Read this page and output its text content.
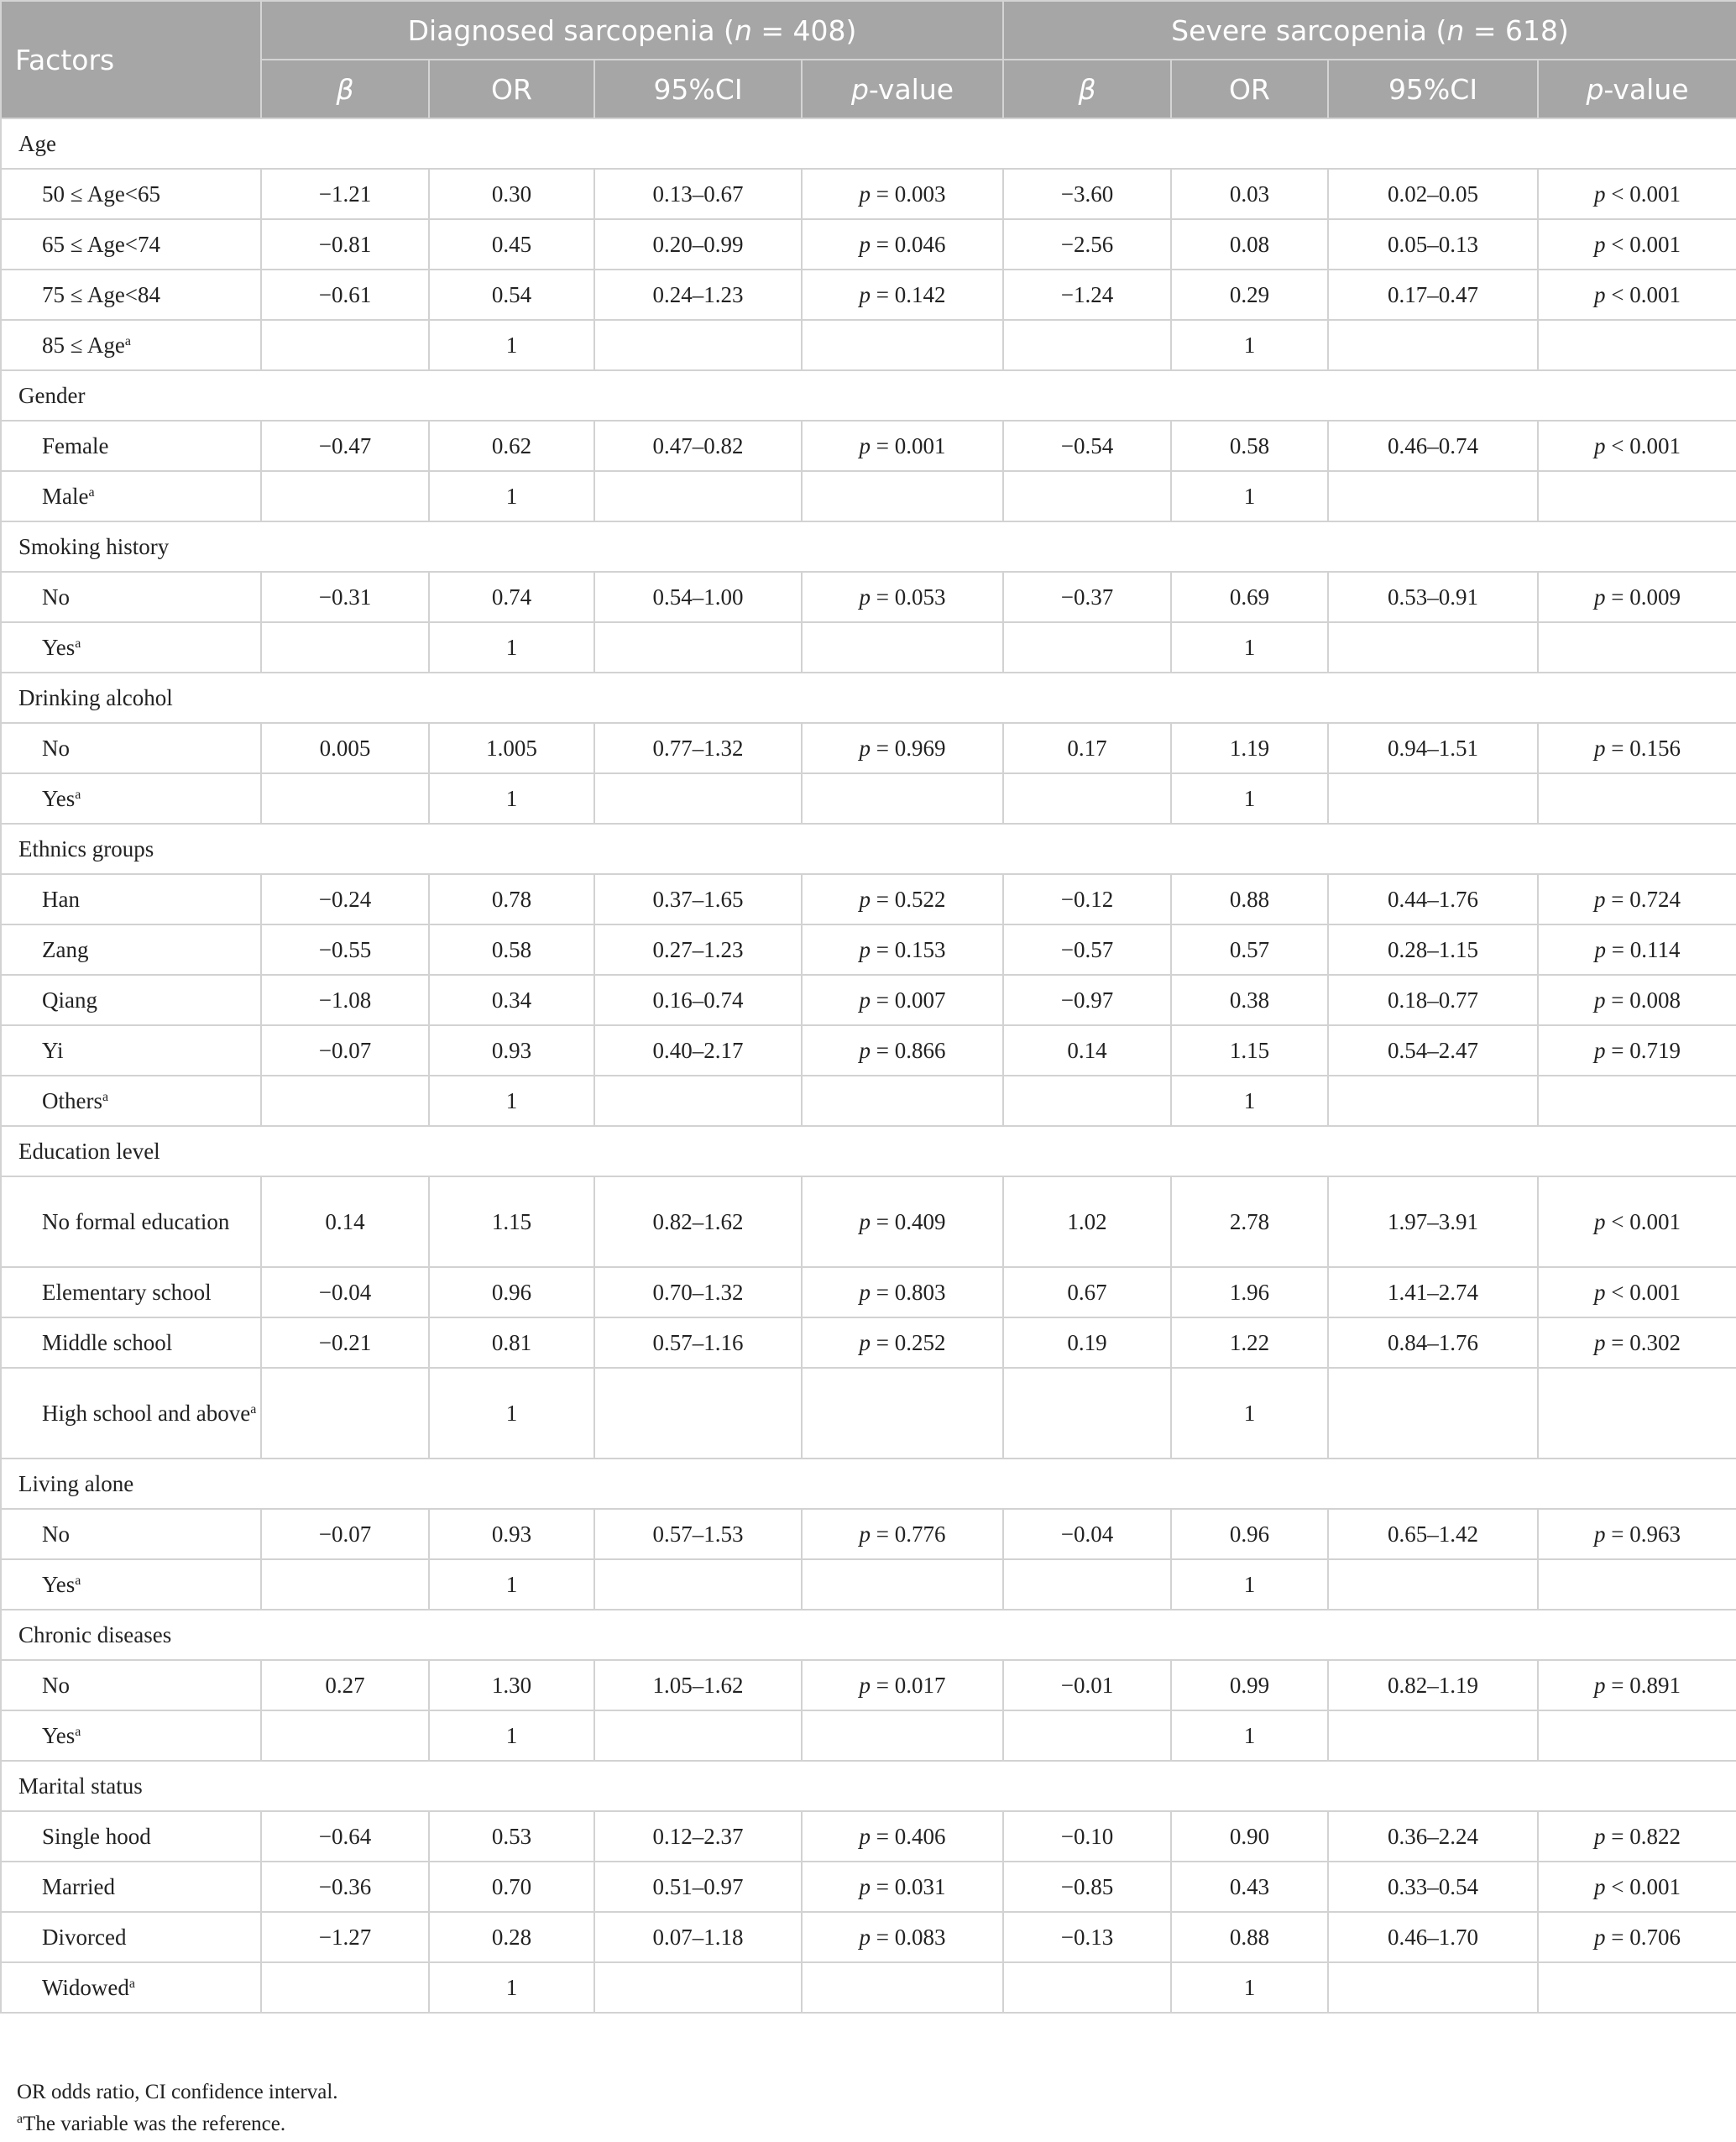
Factors	Diagnosed sarcopenia (n = 408)				Severe sarcopenia (n = 618)			
	β	OR	95%CI	p-value	β	OR	95%CI	p-value
Age								
50 ≤ Age<65	−1.21	0.30	0.13–0.67	p = 0.003	−3.60	0.03	0.02–0.05	p < 0.001
65 ≤ Age<74	−0.81	0.45	0.20–0.99	p = 0.046	−2.56	0.08	0.05–0.13	p < 0.001
75 ≤ Age<84	−0.61	0.54	0.24–1.23	p = 0.142	−1.24	0.29	0.17–0.47	p < 0.001
85 ≤ Age$^a$		1				1		
Gender								
Female	−0.47	0.62	0.47–0.82	p = 0.001	−0.54	0.58	0.46–0.74	p < 0.001
Male$^a$		1				1		
Smoking history								
No	−0.31	0.74	0.54–1.00	p = 0.053	−0.37	0.69	0.53–0.91	p = 0.009
Yes$^a$		1				1		
Drinking alcohol								
No	0.005	1.005	0.77–1.32	p = 0.969	0.17	1.19	0.94–1.51	p = 0.156
Yes$^a$		1				1		
Ethnics groups								
Han	−0.24	0.78	0.37–1.65	p = 0.522	−0.12	0.88	0.44–1.76	p = 0.724
Zang	−0.55	0.58	0.27–1.23	p = 0.153	−0.57	0.57	0.28–1.15	p = 0.114
Qiang	−1.08	0.34	0.16–0.74	p = 0.007	−0.97	0.38	0.18–0.77	p = 0.008
Yi	−0.07	0.93	0.40–2.17	p = 0.866	0.14	1.15	0.54–2.47	p = 0.719
Others$^a$		1				1		
Education level								
No formal education	0.14	1.15	0.82–1.62	p = 0.409	1.02	2.78	1.97–3.91	p < 0.001
Elementary school	−0.04	0.96	0.70–1.32	p = 0.803	0.67	1.96	1.41–2.74	p < 0.001
Middle school	−0.21	0.81	0.57–1.16	p = 0.252	0.19	1.22	0.84–1.76	p = 0.302
High school and above$^a$		1				1		
Living alone								
No	−0.07	0.93	0.57–1.53	p = 0.776	−0.04	0.96	0.65–1.42	p = 0.963
Yes$^a$		1				1		
Chronic diseases								
No	0.27	1.30	1.05–1.62	p = 0.017	−0.01	0.99	0.82–1.19	p = 0.891
Yes$^a$		1				1		
Marital status								
Single hood	−0.64	0.53	0.12–2.37	p = 0.406	−0.10	0.90	0.36–2.24	p = 0.822
Married	−0.36	0.70	0.51–0.97	p = 0.031	−0.85	0.43	0.33–0.54	p < 0.001
Divorced	−1.27	0.28	0.07–1.18	p = 0.083	−0.13	0.88	0.46–1.70	p = 0.706
Widowed$^a$		1				1		
OR odds ratio, CI confidence interval.
$^a$The variable was the reference.
